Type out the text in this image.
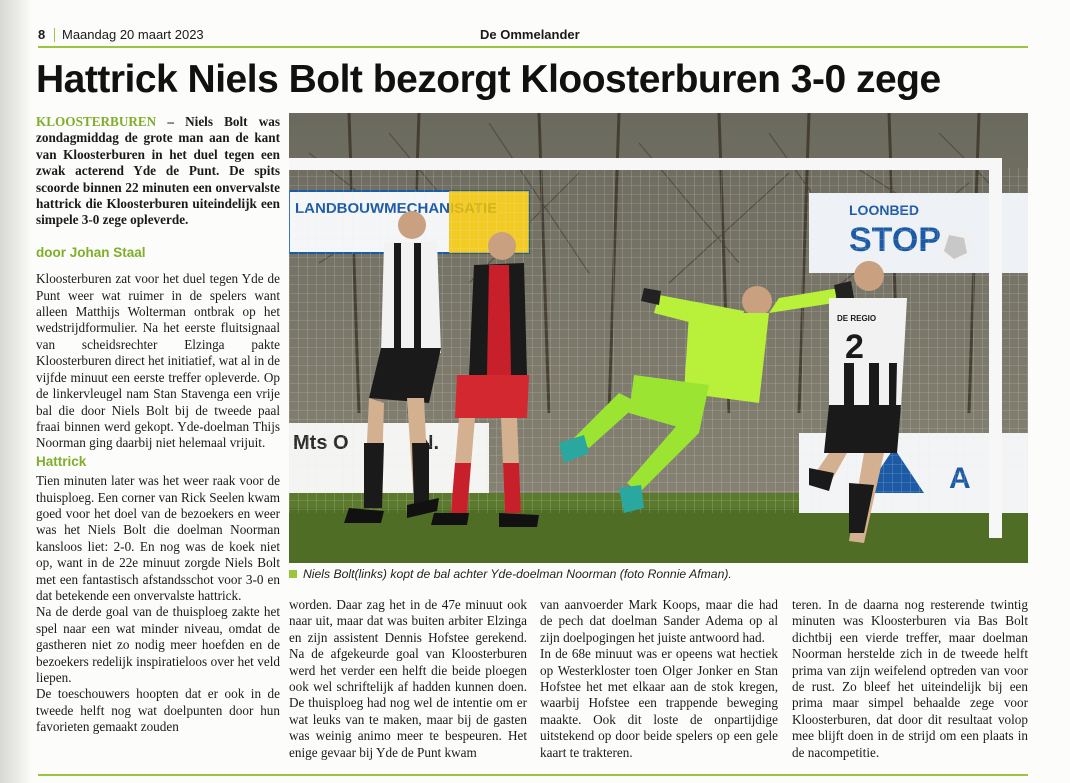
8 Maandag 20 maart 2023	De Ommelander
Hattrick Niels Bolt bezorgt Kloosterburen 3-0 zege

KLOOSTERBUREN – Niels Bolt was zondagmiddag de grote man aan de kant van Kloosterburen in het duel tegen een zwak acterend Yde de Punt. De spits scoorde binnen 22 minuten een onvervalste hattrick die Kloosterburen uiteindelijk een simpele 3-0 zege opleverde.

door Johan Staal

Kloosterburen zat voor het duel tegen Yde de Punt weer wat ruimer in de spelers want alleen Matthijs Wolterman ontbrak op het wedstrijdformulier. Na het eerste fluitsignaal van scheidsrechter Elzinga pakte Kloosterburen direct het initiatief, wat al in de vijfde minuut een eerste treffer opleverde. Op de linkervleugel nam Stan Stavenga een vrije bal die door Niels Bolt bij de tweede paal fraai binnen werd gekopt. Yde-doelman Thijs Noorman ging daarbij niet helemaal vrijuit.

Hattrick

Tien minuten later was het weer raak voor de thuisploeg. Een corner van Rick Seelen kwam goed voor het doel van de bezoekers en weer was het Niels Bolt die doelman Noorman kansloos liet: 2-0. En nog was de koek niet op, want in de 22e minuut zorgde Niels Bolt met een fantastisch afstandsschot voor 3-0 en dat betekende een onvervalste hattrick.

Na de derde goal van de thuisploeg zakte het spel naar een wat minder niveau, omdat de gastheren niet zo nodig meer hoefden en de bezoekers redelijk inspiratieloos over het veld liepen.

De toeschouwers hoopten dat er ook in de tweede helft nog wat doelpunten door hun favorieten gemaakt zouden

2
DE REGIO
Niels Bolt(links) kopt de bal achter Yde-doelman Noorman (foto Ronnie Afman).

worden. Daar zag het in de 47e minuut ook naar uit, maar dat was buiten arbiter Elzinga en zijn assistent Dennis Hofstee gerekend. Na de afgekeurde goal van Kloosterburen werd het verder een helft die beide ploegen ook wel schriftelijk af hadden kunnen doen. De thuisploeg had nog wel de intentie om er wat leuks van te maken, maar bij de gasten was weinig animo meer te bespeuren. Het enige gevaar bij Yde de Punt kwam

van aanvoerder Mark Koops, maar die had de pech dat doelman Sander Adema op al zijn doelpogingen het juiste antwoord had.

In de 68e minuut was er opeens wat hectiek op Westerkloster toen Olger Jonker en Stan Hofstee het met elkaar aan de stok kregen, waarbij Hofstee een trappende beweging maakte. Ook dit loste de onpartijdige uitstekend op door beide spelers op een gele kaart te trakteren.

teren. In de daarna nog resterende twintig minuten was Kloosterburen via Bas Bolt dichtbij een vierde treffer, maar doelman Noorman herstelde zich in de tweede helft prima van zijn weifelend optreden van voor de rust. Zo bleef het uiteindelijk bij een prima maar simpel behaalde zege voor Kloosterburen, dat door dit resultaat volop mee blijft doen in de strijd om een plaats in de nacompetitie.
